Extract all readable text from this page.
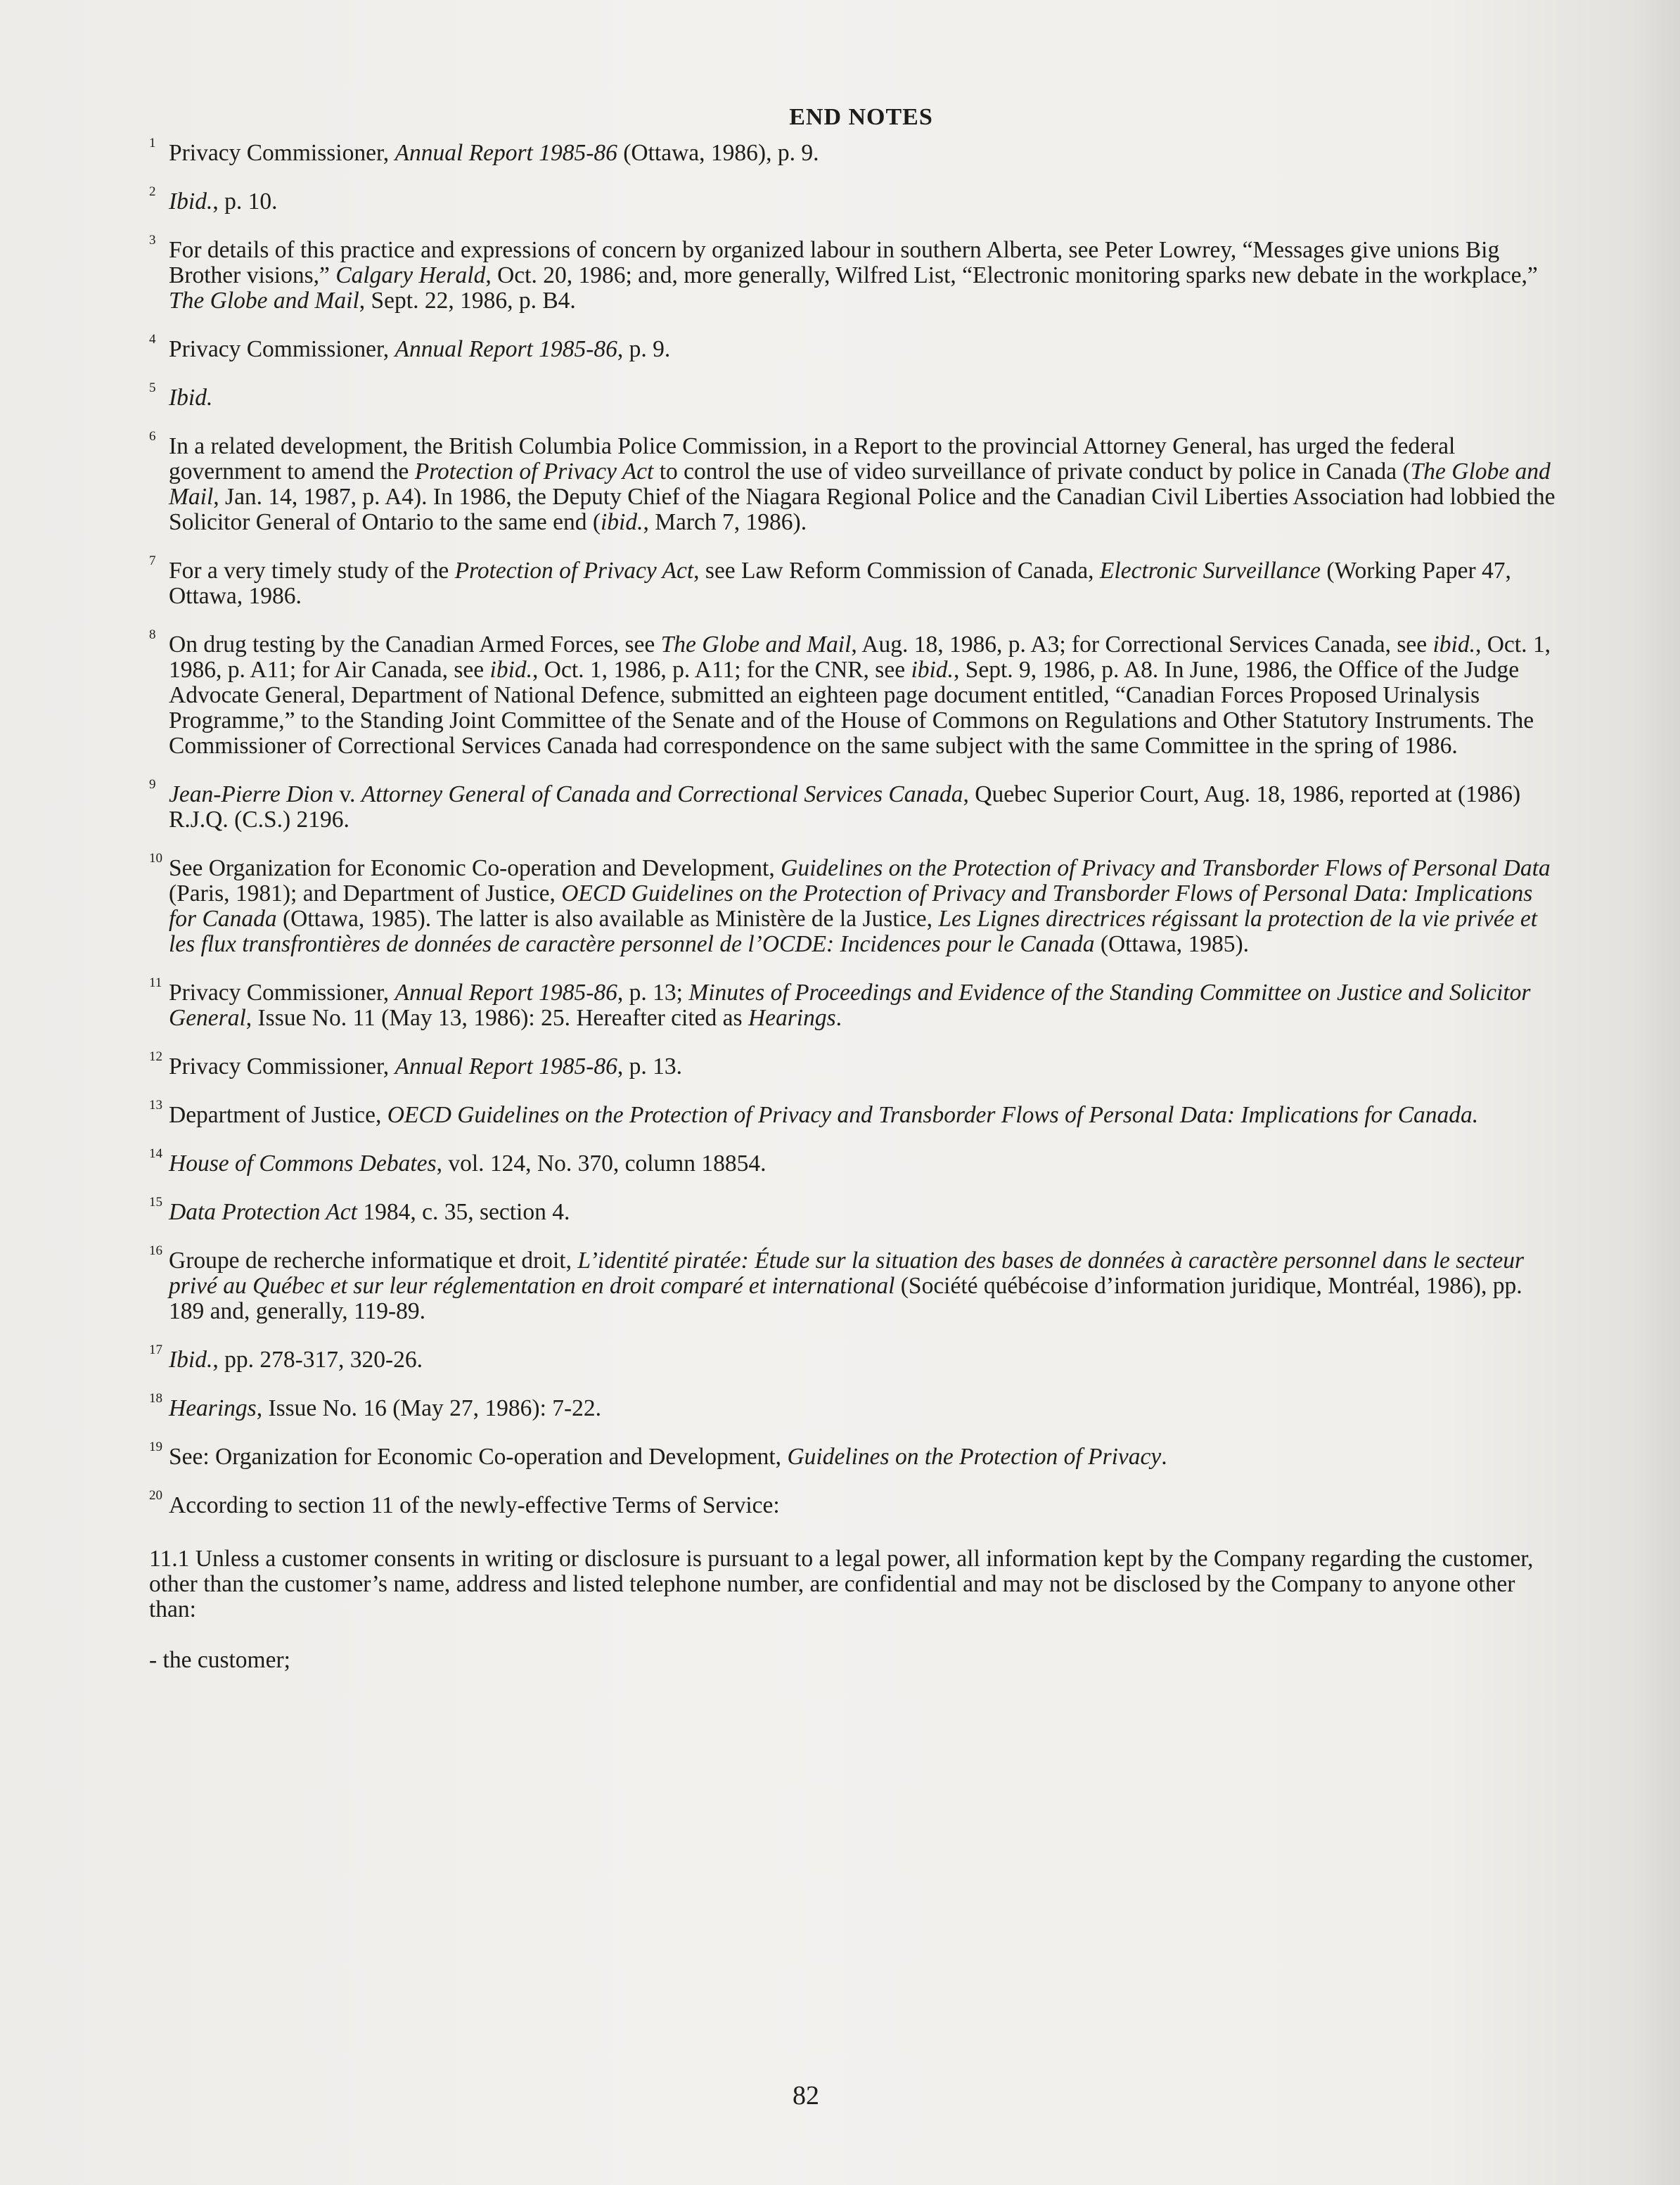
END NOTES
1 Privacy Commissioner, Annual Report 1985-86 (Ottawa, 1986), p. 9.
2 Ibid., p. 10.
3 For details of this practice and expressions of concern by organized labour in southern Alberta, see Peter Lowrey, “Messages give unions Big Brother visions,” Calgary Herald, Oct. 20, 1986; and, more generally, Wilfred List, “Electronic monitoring sparks new debate in the workplace,” The Globe and Mail, Sept. 22, 1986, p. B4.
4 Privacy Commissioner, Annual Report 1985-86, p. 9.
5 Ibid.
6 In a related development, the British Columbia Police Commission, in a Report to the provincial Attorney General, has urged the federal government to amend the Protection of Privacy Act to control the use of video surveillance of private conduct by police in Canada (The Globe and Mail, Jan. 14, 1987, p. A4). In 1986, the Deputy Chief of the Niagara Regional Police and the Canadian Civil Liberties Association had lobbied the Solicitor General of Ontario to the same end (ibid., March 7, 1986).
7 For a very timely study of the Protection of Privacy Act, see Law Reform Commission of Canada, Electronic Surveillance (Working Paper 47, Ottawa, 1986.
8 On drug testing by the Canadian Armed Forces, see The Globe and Mail, Aug. 18, 1986, p. A3; for Correctional Services Canada, see ibid., Oct. 1, 1986, p. A11; for Air Canada, see ibid., Oct. 1, 1986, p. A11; for the CNR, see ibid., Sept. 9, 1986, p. A8. In June, 1986, the Office of the Judge Advocate General, Department of National Defence, submitted an eighteen page document entitled, “Canadian Forces Proposed Urinalysis Programme,” to the Standing Joint Committee of the Senate and of the House of Commons on Regulations and Other Statutory Instruments. The Commissioner of Correctional Services Canada had correspondence on the same subject with the same Committee in the spring of 1986.
9 Jean-Pierre Dion v. Attorney General of Canada and Correctional Services Canada, Quebec Superior Court, Aug. 18, 1986, reported at (1986) R.J.Q. (C.S.) 2196.
10 See Organization for Economic Co-operation and Development, Guidelines on the Protection of Privacy and Transborder Flows of Personal Data (Paris, 1981); and Department of Justice, OECD Guidelines on the Protection of Privacy and Transborder Flows of Personal Data: Implications for Canada (Ottawa, 1985). The latter is also available as Ministère de la Justice, Les Lignes directrices régissant la protection de la vie privée et les flux transfrontières de données de caractère personnel de l’OCDE: Incidences pour le Canada (Ottawa, 1985).
11 Privacy Commissioner, Annual Report 1985-86, p. 13; Minutes of Proceedings and Evidence of the Standing Committee on Justice and Solicitor General, Issue No. 11 (May 13, 1986): 25. Hereafter cited as Hearings.
12 Privacy Commissioner, Annual Report 1985-86, p. 13.
13 Department of Justice, OECD Guidelines on the Protection of Privacy and Transborder Flows of Personal Data: Implications for Canada.
14 House of Commons Debates, vol. 124, No. 370, column 18854.
15 Data Protection Act 1984, c. 35, section 4.
16 Groupe de recherche informatique et droit, L’identité piratée: Étude sur la situation des bases de données à caractère personnel dans le secteur privé au Québec et sur leur réglementation en droit comparé et international (Société québécoise d’information juridique, Montréal, 1986), pp. 189 and, generally, 119-89.
17 Ibid., pp. 278-317, 320-26.
18 Hearings, Issue No. 16 (May 27, 1986): 7-22.
19 See: Organization for Economic Co-operation and Development, Guidelines on the Protection of Privacy.
20 According to section 11 of the newly-effective Terms of Service:
11.1 Unless a customer consents in writing or disclosure is pursuant to a legal power, all information kept by the Company regarding the customer, other than the customer’s name, address and listed telephone number, are confidential and may not be disclosed by the Company to anyone other than:
- the customer;
82
